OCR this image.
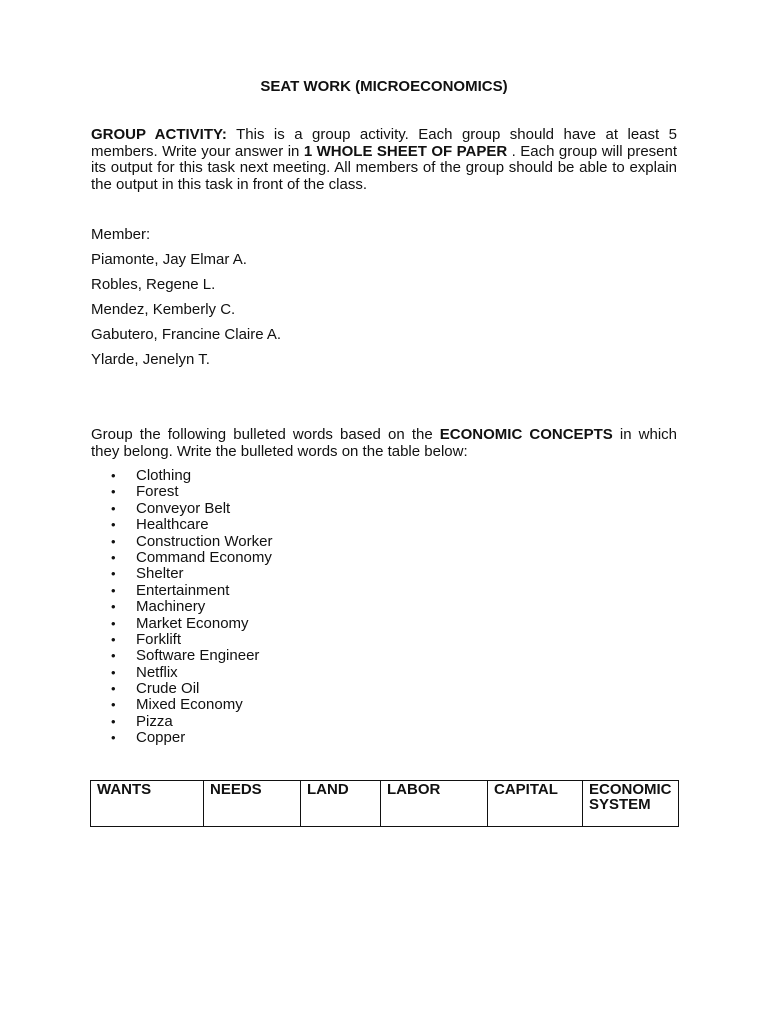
SEAT WORK (MICROECONOMICS)
GROUP ACTIVITY: This is a group activity. Each group should have at least 5 members. Write your answer in 1 WHOLE SHEET OF PAPER . Each group will present its output for this task next meeting. All members of the group should be able to explain the output in this task in front of the class.
Member:
Piamonte, Jay Elmar A.
Robles, Regene L.
Mendez, Kemberly C.
Gabutero, Francine Claire A.
Ylarde, Jenelyn T.
Group the following bulleted words based on the ECONOMIC CONCEPTS in which they belong. Write the bulleted words on the table below:
• Clothing
• Forest
• Conveyor Belt
• Healthcare
• Construction Worker
• Command Economy
• Shelter
• Entertainment
• Machinery
• Market Economy
• Forklift
• Software Engineer
• Netflix
• Crude Oil
• Mixed Economy
• Pizza
• Copper
WANTS	NEEDS	LAND	LABOR	CAPITAL	ECONOMIC SYSTEM
